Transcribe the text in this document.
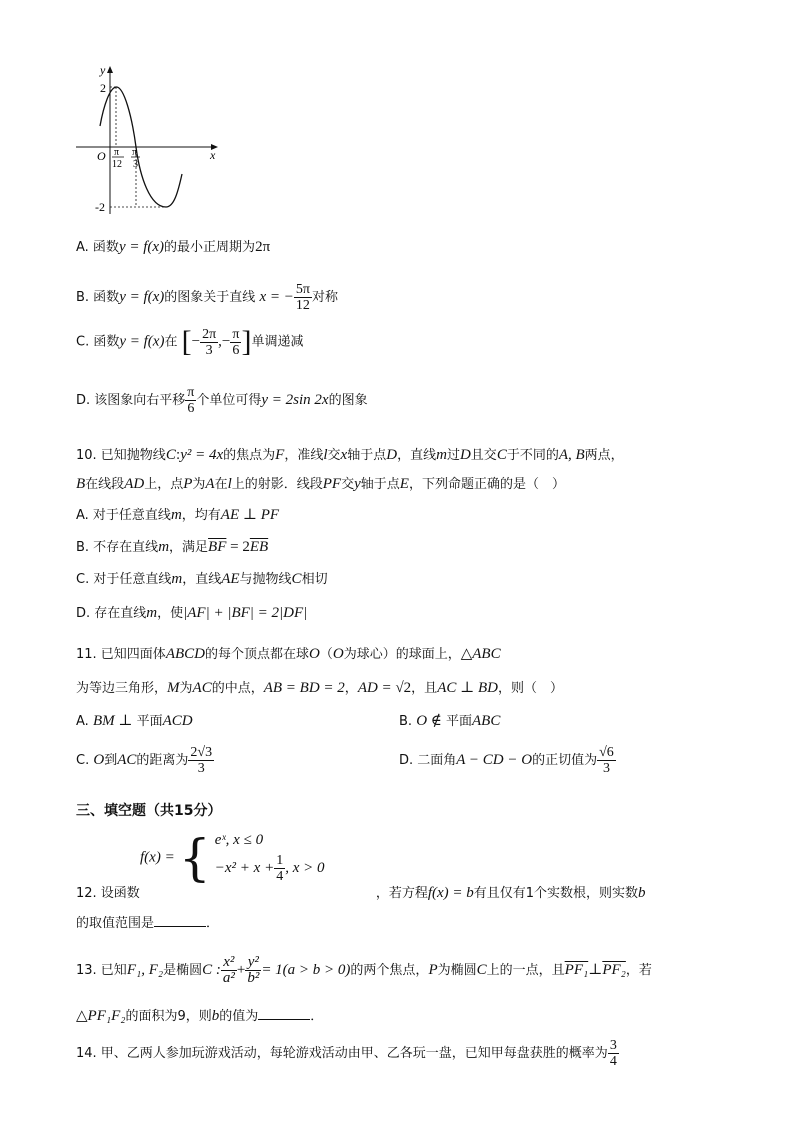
y
x
O
2
-2
π
12
π
3
A. 函数y = f(x)的最小正周期为2π
B. 函数y = f(x)的图象关于直线 x = − $\frac{5\pi}{12}$ 对称
C. 函数y = f(x)在 [− $\frac{2\pi}{3}$ ,− $\frac{\pi}{6}$ ]单调递减
D. 该图象向右平移 $\frac{\pi}{6}$ 个单位可得y = 2sin 2x的图象
10. 已知抛物线C:y² = 4x的焦点为F，准线l交x轴于点D，直线m过D且交C于不同的A, B两点，
B在线段AD上，点P为A在l上的射影．线段PF交y轴于点E，下列命题正确的是（　）
A. 对于任意直线m，均有AE ⊥ PF
B. 不存在直线m，满足$\overline{BF} = 2\overline{EB}$
C. 对于任意直线m，直线AE与抛物线C相切
D. 存在直线m，使|AF| + |BF| = 2|DF|
11. 已知四面体ABCD的每个顶点都在球O（O为球心）的球面上，△ABC
为等边三角形，M为AC的中点，AB = BD = 2，AD = √2，且AC ⊥ BD，则（　）
A. BM ⊥ 平面ACD	B. O ∉ 平面ABC
C. O到AC的距离为 $\frac{2√3}{3}$	D. 二面角A − CD − O的正切值为 $\frac{√6}{3}$
三、填空题（共15分）
f(x) = { eˣ, x ≤ 0
$-x^2 + x + \frac{1}{4}$ , x > 0
12. 设函数	，若方程f(x) = b有且仅有1个实数根，则实数b
的取值范围是	．
13. 已知F₁, F₂是椭圆C : $\frac{\text{x²}}{\text{a²}} + \frac{\text{y²}}{\text{b²}} = 1(a > b > 0)$的两个焦点，P为椭圆C上的一点，且PF₁⊥PF₂，若
△PF₁F₂的面积为9，则b的值为	．
14. 甲、乙两人参加玩游戏活动，每轮游戏活动由甲、乙各玩一盘，已知甲每盘获胜的概率为 $\frac{3}{4}$
